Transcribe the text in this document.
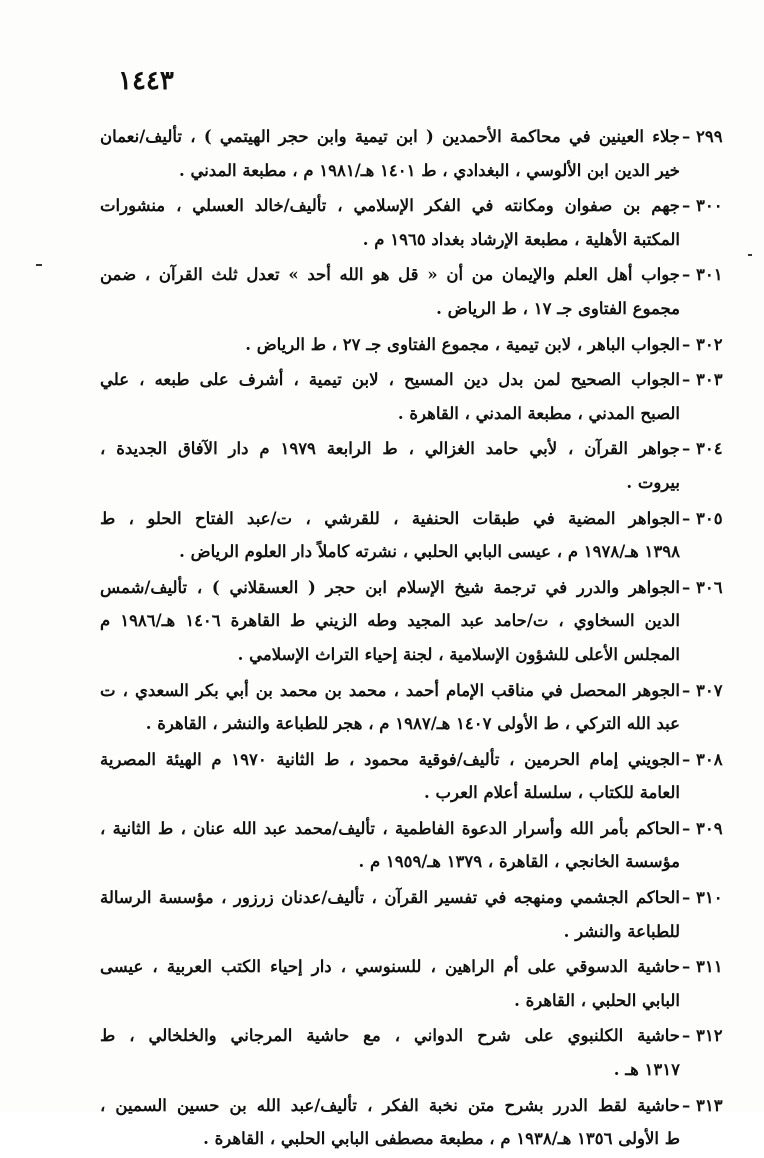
١٤٤٣
٢٩٩ –
جلاء العينين في محاكمة الأحمدين ( ابن تيمية وابن حجر الهيتمي ) ، تأليف/نعمان
خير الدين ابن الألوسي ، البغدادي ، ط ١٤٠١ هـ/١٩٨١ م ، مطبعة المدني .
٣٠٠ –
جهم بن صفوان ومكانته في الفكر الإسلامي ، تأليف/خالد العسلي ، منشورات
المكتبة الأهلية ، مطبعة الإرشاد بغداد ١٩٦٥ م .
٣٠١ –
جواب أهل العلم والإيمان من أن « قل هو الله أحد » تعدل ثلث القرآن ، ضمن
مجموع الفتاوى جـ ١٧ ، ط الرياض .
٣٠٢ –
الجواب الباهر ، لابن تيمية ، مجموع الفتاوى جـ ٢٧ ، ط الرياض .
٣٠٣ –
الجواب الصحيح لمن بدل دين المسيح ، لابن تيمية ، أشرف على طبعه ، علي
الصبح المدني ، مطبعة المدني ، القاهرة .
٣٠٤ –
جواهر القرآن ، لأبي حامد الغزالي ، ط الرابعة ١٩٧٩ م دار الآفاق الجديدة ،
بيروت .
٣٠٥ –
الجواهر المضية في طبقات الحنفية ، للقرشي ، ت/عبد الفتاح الحلو ، ط
١٣٩٨ هـ/١٩٧٨ م ، عيسى البابي الحلبي ، نشرته كاملاً دار العلوم الرياض .
٣٠٦ –
الجواهر والدرر في ترجمة شيخ الإسلام ابن حجر ( العسقلاني ) ، تأليف/شمس
الدين السخاوي ، ت/حامد عبد المجيد وطه الزيني ط القاهرة ١٤٠٦ هـ/١٩٨٦ م
المجلس الأعلى للشؤون الإسلامية ، لجنة إحياء التراث الإسلامي .
٣٠٧ –
الجوهر المحصل في مناقب الإمام أحمد ، محمد بن محمد بن أبي بكر السعدي ، ت
عبد الله التركي ، ط الأولى ١٤٠٧ هـ/١٩٨٧ م ، هجر للطباعة والنشر ، القاهرة .
٣٠٨ –
الجويني إمام الحرمين ، تأليف/فوقية محمود ، ط الثانية ١٩٧٠ م الهيئة المصرية
العامة للكتاب ، سلسلة أعلام العرب .
٣٠٩ –
الحاكم بأمر الله وأسرار الدعوة الفاطمية ، تأليف/محمد عبد الله عنان ، ط الثانية ،
مؤسسة الخانجي ، القاهرة ، ١٣٧٩ هـ/١٩٥٩ م .
٣١٠ –
الحاكم الجشمي ومنهجه في تفسير القرآن ، تأليف/عدنان زرزور ، مؤسسة الرسالة
للطباعة والنشر .
٣١١ –
حاشية الدسوقي على أم الراهين ، للسنوسي ، دار إحياء الكتب العربية ، عيسى
البابي الحلبي ، القاهرة .
٣١٢ –
حاشية الكلنبوي على شرح الدواني ، مع حاشية المرجاني والخلخالي ، ط
١٣١٧ هـ .
٣١٣ –
حاشية لقط الدرر بشرح متن نخبة الفكر ، تأليف/عبد الله بن حسين السمين ،
ط الأولى ١٣٥٦ هـ/١٩٣٨ م ، مطبعة مصطفى البابي الحلبي ، القاهرة .
